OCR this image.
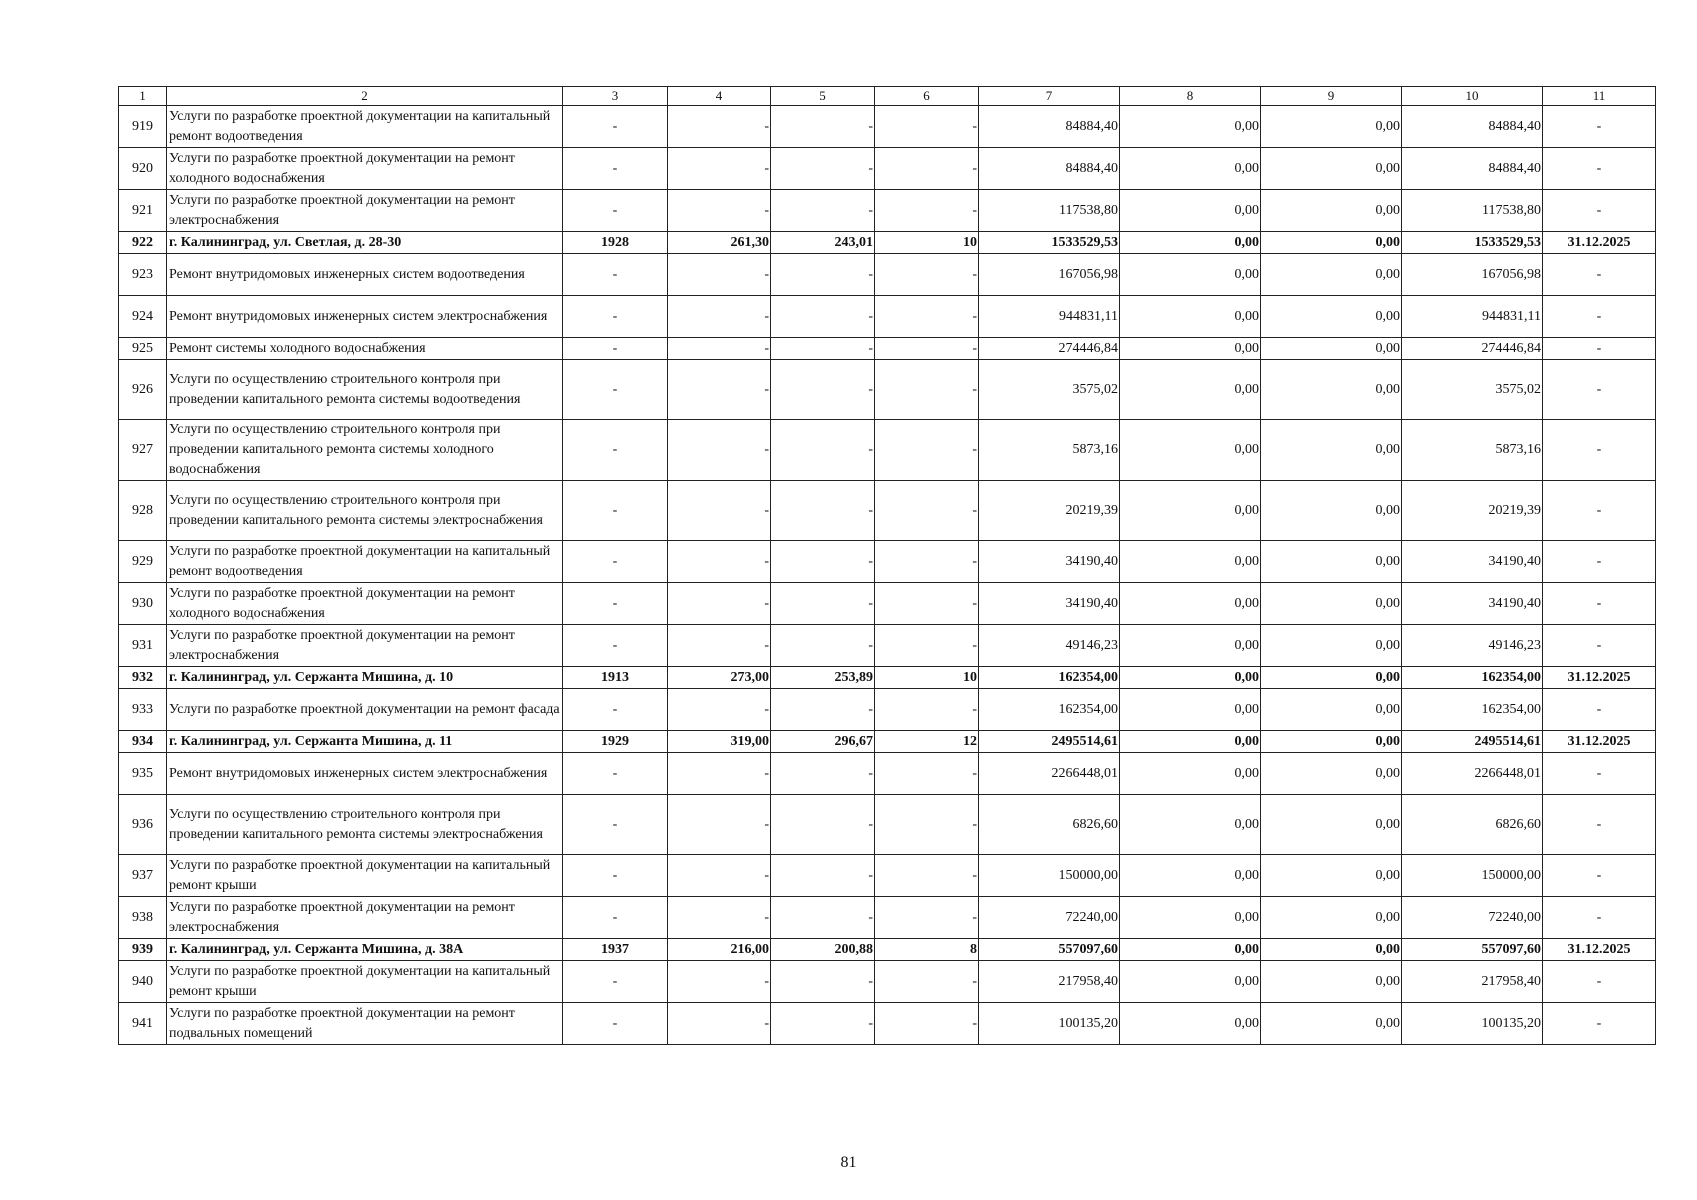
1	2	3	4	5	6	7	8	9	10	11
919	Услуги по разработке проектной документации на капитальный ремонт водоотведения	-	-	-	-	84884,40	0,00	0,00	84884,40	-
920	Услуги по разработке проектной документации на ремонт холодного водоснабжения	-	-	-	-	84884,40	0,00	0,00	84884,40	-
921	Услуги по разработке проектной документации на ремонт электроснабжения	-	-	-	-	117538,80	0,00	0,00	117538,80	-
922	г. Калининград, ул. Светлая, д. 28-30	1928	261,30	243,01	10	1533529,53	0,00	0,00	1533529,53	31.12.2025
923	Ремонт внутридомовых инженерных систем водоотведения	-	-	-	-	167056,98	0,00	0,00	167056,98	-
924	Ремонт внутридомовых инженерных систем электроснабжения	-	-	-	-	944831,11	0,00	0,00	944831,11	-
925	Ремонт системы холодного водоснабжения	-	-	-	-	274446,84	0,00	0,00	274446,84	-
926	Услуги по осуществлению строительного контроля при проведении капитального ремонта системы водоотведения	-	-	-	-	3575,02	0,00	0,00	3575,02	-
927	Услуги по осуществлению строительного контроля при проведении капитального ремонта системы холодного водоснабжения	-	-	-	-	5873,16	0,00	0,00	5873,16	-
928	Услуги по осуществлению строительного контроля при проведении капитального ремонта системы электроснабжения	-	-	-	-	20219,39	0,00	0,00	20219,39	-
929	Услуги по разработке проектной документации на капитальный ремонт водоотведения	-	-	-	-	34190,40	0,00	0,00	34190,40	-
930	Услуги по разработке проектной документации на ремонт холодного водоснабжения	-	-	-	-	34190,40	0,00	0,00	34190,40	-
931	Услуги по разработке проектной документации на ремонт электроснабжения	-	-	-	-	49146,23	0,00	0,00	49146,23	-
932	г. Калининград, ул. Сержанта Мишина, д. 10	1913	273,00	253,89	10	162354,00	0,00	0,00	162354,00	31.12.2025
933	Услуги по разработке проектной документации на ремонт фасада	-	-	-	-	162354,00	0,00	0,00	162354,00	-
934	г. Калининград, ул. Сержанта Мишина, д. 11	1929	319,00	296,67	12	2495514,61	0,00	0,00	2495514,61	31.12.2025
935	Ремонт внутридомовых инженерных систем электроснабжения	-	-	-	-	2266448,01	0,00	0,00	2266448,01	-
936	Услуги по осуществлению строительного контроля при проведении капитального ремонта системы электроснабжения	-	-	-	-	6826,60	0,00	0,00	6826,60	-
937	Услуги по разработке проектной документации на капитальный ремонт крыши	-	-	-	-	150000,00	0,00	0,00	150000,00	-
938	Услуги по разработке проектной документации на ремонт электроснабжения	-	-	-	-	72240,00	0,00	0,00	72240,00	-
939	г. Калининград, ул. Сержанта Мишина, д. 38А	1937	216,00	200,88	8	557097,60	0,00	0,00	557097,60	31.12.2025
940	Услуги по разработке проектной документации на капитальный ремонт крыши	-	-	-	-	217958,40	0,00	0,00	217958,40	-
941	Услуги по разработке проектной документации на ремонт подвальных помещений	-	-	-	-	100135,20	0,00	0,00	100135,20	-
81
